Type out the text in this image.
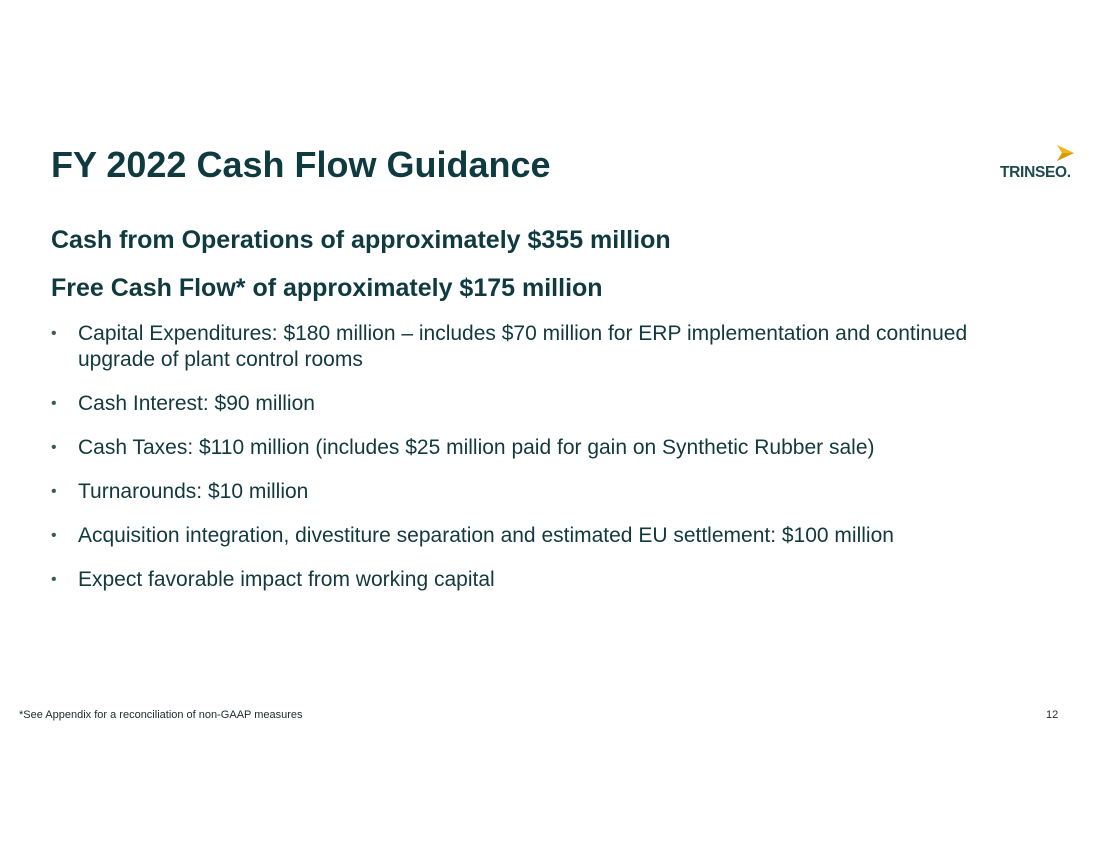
FY 2022 Cash Flow Guidance	TRINSEO.
Cash from Operations of approximately $355 million
Free Cash Flow* of approximately $175 million
• Capital Expenditures: $180 million – includes $70 million for ERP implementation and continued upgrade of plant control rooms
• Cash Interest: $90 million
• Cash Taxes: $110 million (includes $25 million paid for gain on Synthetic Rubber sale)
• Turnarounds: $10 million
• Acquisition integration, divestiture separation and estimated EU settlement: $100 million
• Expect favorable impact from working capital
*See Appendix for a reconciliation of non-GAAP measures	12
